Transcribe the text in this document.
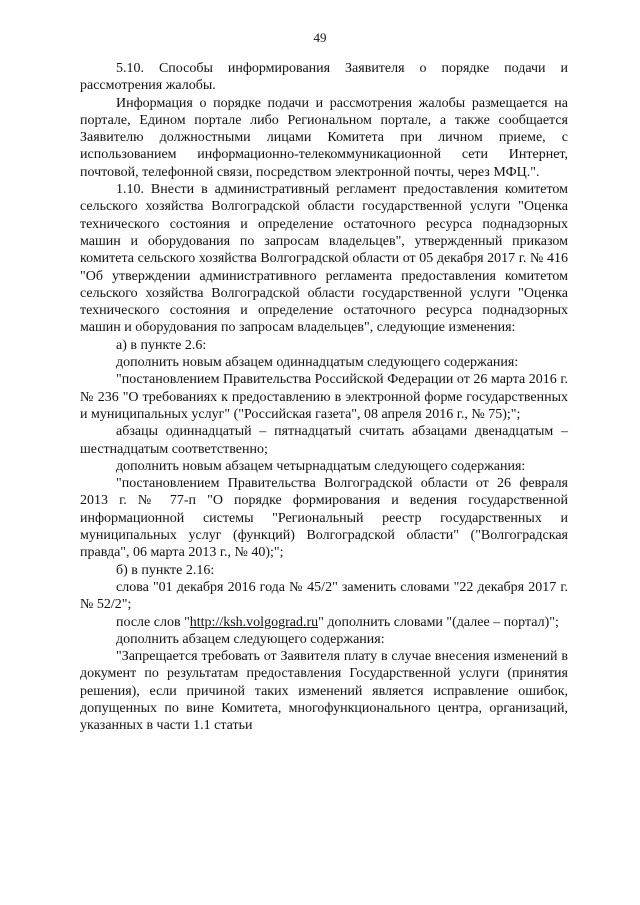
49

5.10. Способы информирования Заявителя о порядке подачи и рассмотрения жалобы.

Информация о порядке подачи и рассмотрения жалобы размещается на портале, Едином портале либо Региональном портале, а также сообщается Заявителю должностными лицами Комитета при личном приеме, с использованием информационно-телекоммуникационной сети Интернет, почтовой, телефонной связи, посредством электронной почты, через МФЦ.".

1.10. Внести в административный регламент предоставления комитетом сельского хозяйства Волгоградской области государственной услуги "Оценка технического состояния и определение остаточного ресурса поднадзорных машин и оборудования по запросам владельцев", утвержденный приказом комитета сельского хозяйства Волгоградской области от 05 декабря 2017 г. № 416 "Об утверждении административного регламента предоставления комитетом сельского хозяйства Волгоградской области государственной услуги "Оценка технического состояния и определение остаточного ресурса поднадзорных машин и оборудования по запросам владельцев", следующие изменения:

а) в пункте 2.6:

дополнить новым абзацем одиннадцатым следующего содержания:

"постановлением Правительства Российской Федерации от 26 марта 2016 г. № 236 "О требованиях к предоставлению в электронной форме государственных и муниципальных услуг" ("Российская газета", 08 апреля 2016 г., № 75);";

абзацы одиннадцатый – пятнадцатый считать абзацами двенадцатым – шестнадцатым соответственно;

дополнить новым абзацем четырнадцатым следующего содержания:

"постановлением Правительства Волгоградской области от 26 февраля 2013 г. № 77-п "О порядке формирования и ведения государственной информационной системы "Региональный реестр государственных и муниципальных услуг (функций) Волгоградской области" ("Волгоградская правда", 06 марта 2013 г., № 40);";

б) в пункте 2.16:

слова "01 декабря 2016 года № 45/2" заменить словами "22 декабря 2017 г. № 52/2";

после слов "http://ksh.volgograd.ru" дополнить словами "(далее – портал)";

дополнить абзацем следующего содержания:

"Запрещается требовать от Заявителя плату в случае внесения изменений в документ по результатам предоставления Государственной услуги (принятия решения), если причиной таких изменений является исправление ошибок, допущенных по вине Комитета, многофункционального центра, организаций, указанных в части 1.1 статьи
